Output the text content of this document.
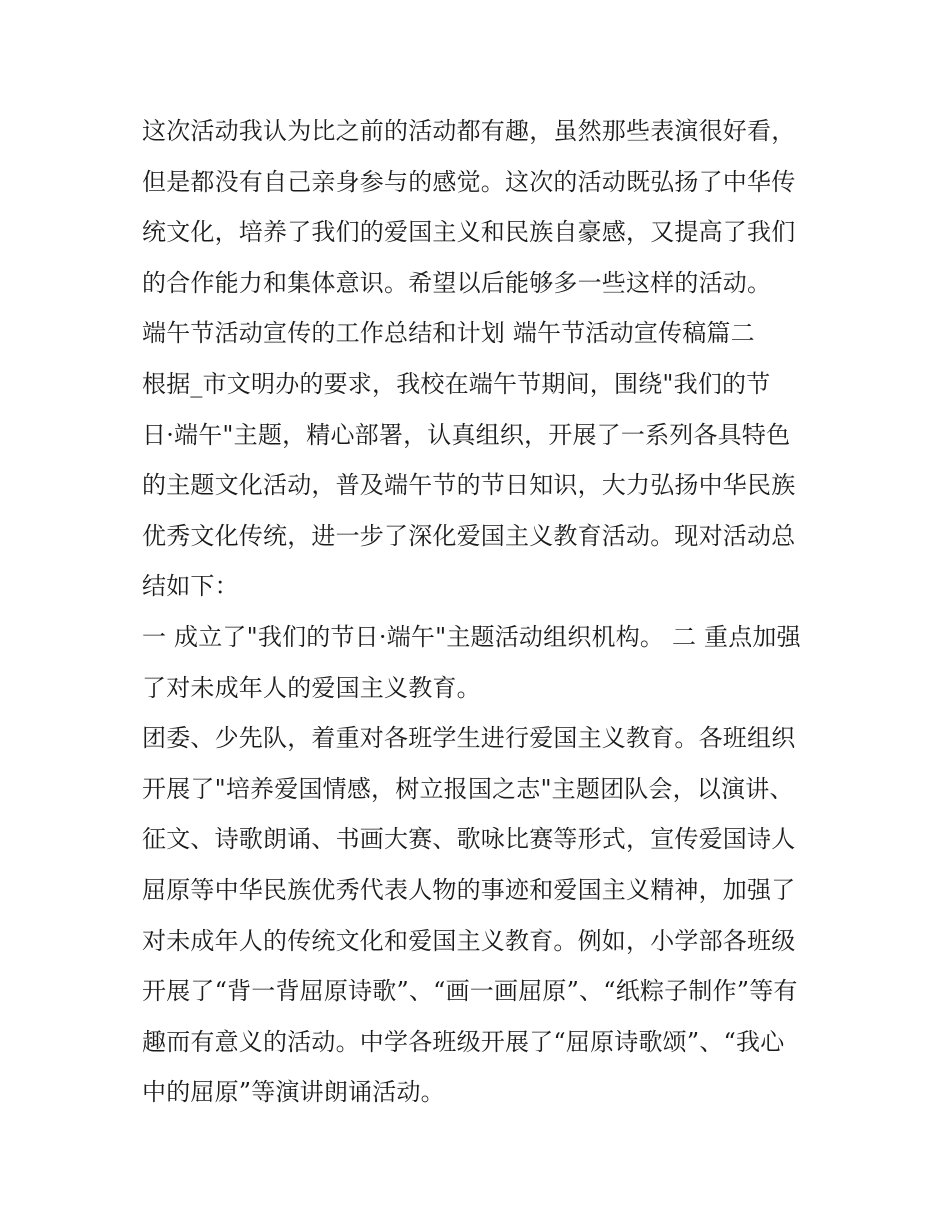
这次活动我认为比之前的活动都有趣，虽然那些表演很好看，
但是都没有自己亲身参与的感觉。这次的活动既弘扬了中华传
统文化，培养了我们的爱国主义和民族自豪感，又提高了我们
的合作能力和集体意识。希望以后能够多一些这样的活动。
端午节活动宣传的工作总结和计划 端午节活动宣传稿篇二
根据_市文明办的要求，我校在端午节期间，围绕"我们的节
日·端午"主题，精心部署，认真组织，开展了一系列各具特色
的主题文化活动，普及端午节的节日知识，大力弘扬中华民族
优秀文化传统，进一步了深化爱国主义教育活动。现对活动总
结如下：
一 成立了"我们的节日·端午"主题活动组织机构。 二 重点加强
了对未成年人的爱国主义教育。
团委、少先队，着重对各班学生进行爱国主义教育。各班组织
开展了"培养爱国情感，树立报国之志"主题团队会，以演讲、
征文、诗歌朗诵、书画大赛、歌咏比赛等形式，宣传爱国诗人
屈原等中华民族优秀代表人物的事迹和爱国主义精神，加强了
对未成年人的传统文化和爱国主义教育。例如，小学部各班级
开展了“背一背屈原诗歌”、“画一画屈原”、“纸粽子制作”等有
趣而有意义的活动。中学各班级开展了“屈原诗歌颂”、“我心
中的屈原”等演讲朗诵活动。
